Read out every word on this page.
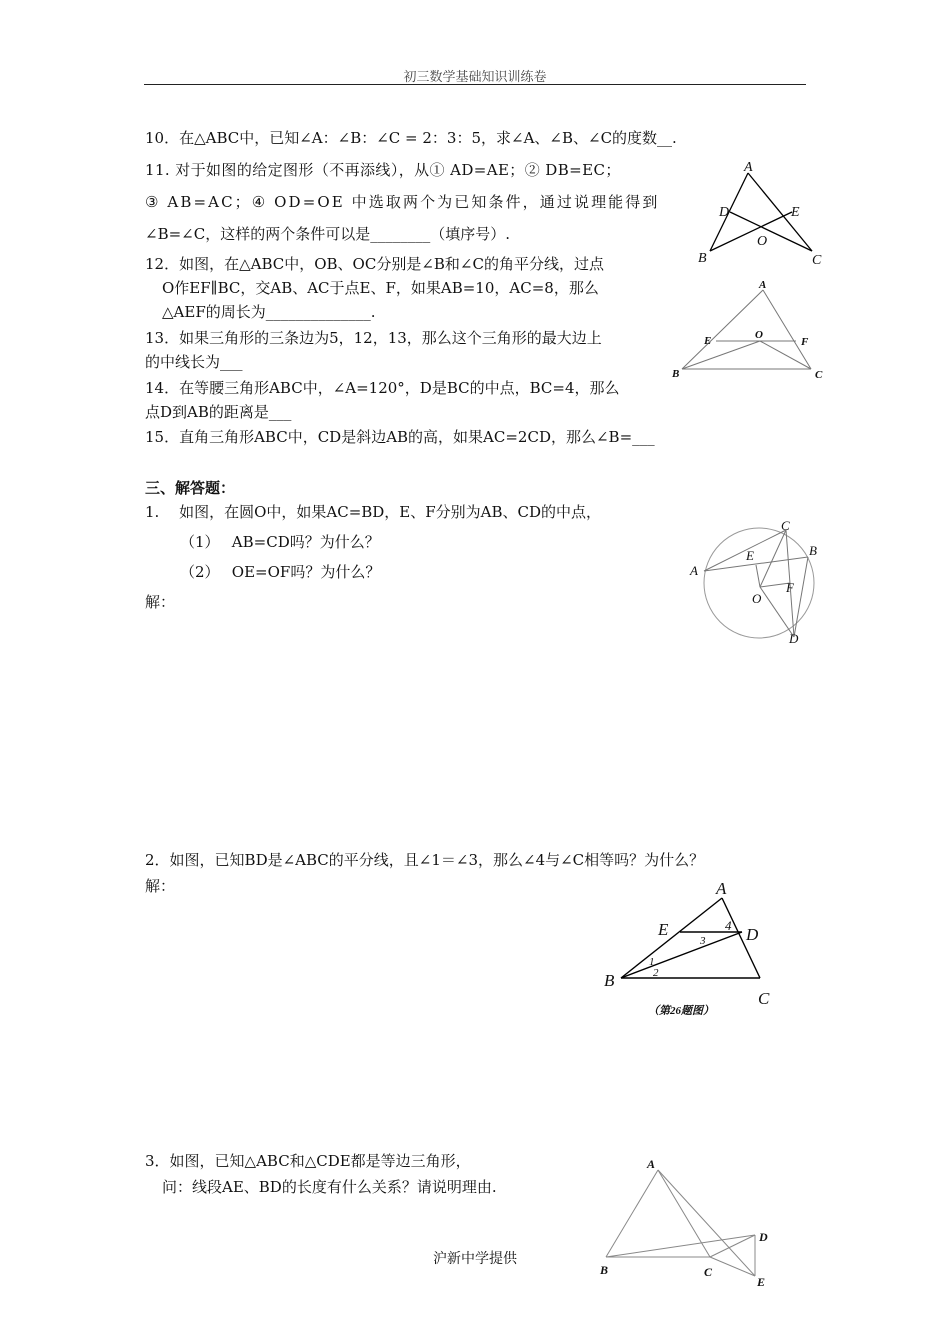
初三数学基础知识训练卷
10．在△ABC中，已知∠A：∠B：∠C = 2：3：5，求∠A、∠B、∠C的度数__.
11. 对于如图的给定图形（不再添线），从① AD=AE；② DB=EC；
③ AB=AC；④ OD=OE 中选取两个为已知条件，通过说理能得到
∠B=∠C，这样的两个条件可以是________（填序号）.
A
B	C
D	E
O
12．如图，在△ABC中，OB、OC分别是∠B和∠C的角平分线，过点
O作EF∥BC，交AB、AC于点E、F，如果AB=10，AC=8，那么
△AEF的周长为______________.
A
B	C
E	O
F
13．如果三角形的三条边为5，12，13，那么这个三角形的最大边上
的中线长为___
14．在等腰三角形ABC中，∠A=120°，D是BC的中点，BC=4，那么
点D到AB的距离是___
15．直角三角形ABC中，CD是斜边AB的高，如果AC=2CD，那么∠B=___
三、解答题：
1.　 如图，在圆O中，如果AC=BD，E、F分别为AB、CD的中点，
（1）　 AB=CD吗？为什么？
（2）　 OE=OF吗？为什么？
解：
C
B
A
E
F
O
D
2．如图，已知BD是∠ABC的平分线，且∠1＝∠3，那么∠4与∠C相等吗？为什么？
解：	A
E	D
B
C
4
3
1
2
（第26题图）
3．如图，已知△ABC和△CDE都是等边三角形，
问：线段AE、BD的长度有什么关系？请说明理由.
A
B	C
D
E
沪新中学提供
